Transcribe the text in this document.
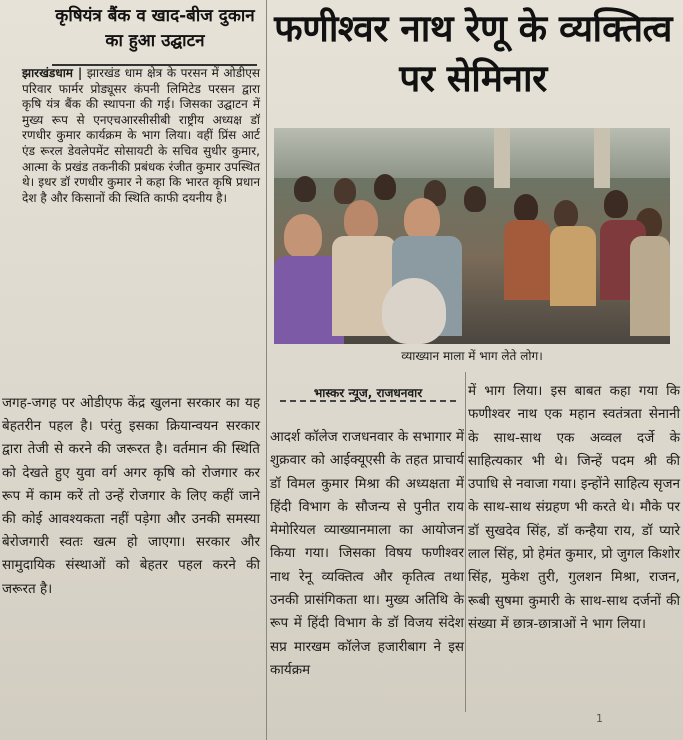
कृषियंत्र बैंक व खाद-बीज दुकान का हुआ उद्घाटन
झारखंडधाम | झारखंड धाम क्षेत्र के परसन में ओडीएस परिवार फार्मर प्रोड्यूसर कंपनी लिमिटेड परसन द्वारा कृषि यंत्र बैंक की स्थापना की गई। जिसका उद्घाटन में मुख्य रूप से एनएचआरसीसीबी राष्ट्रीय अध्यक्ष डॉ रणधीर कुमार कार्यक्रम के भाग लिया। वहीं प्रिंस आर्ट एंड रूरल डेवलेपमेंट सोसायटी के सचिव सुधीर कुमार, आत्मा के प्रखंड तकनीकी प्रबंधक रंजीत कुमार उपस्थित थे। इधर डॉ रणधीर कुमार ने कहा कि भारत कृषि प्रधान देश है और किसानों की स्थिति काफी दयनीय है।
जगह-जगह पर ओडीएफ केंद्र खुलना सरकार का यह बेहतरीन पहल है। परंतु इसका क्रियान्वयन सरकार द्वारा तेजी से करने की जरूरत है। वर्तमान की स्थिति को देखते हुए युवा वर्ग अगर कृषि को रोजगार कर रूप में काम करें तो उन्हें रोजगार के लिए कहीं जाने की कोई आवश्यकता नहीं पड़ेगा और उनकी समस्या बेरोजगारी स्वतः खत्म हो जाएगा। सरकार और सामुदायिक संस्थाओं को बेहतर पहल करने की जरूरत है।
फणीश्वर नाथ रेणू के व्यक्तित्व पर सेमिनार
व्याख्यान माला में भाग लेते लोग।
भास्कर न्यूज, राजधनवार
आदर्श कॉलेज राजधनवार के सभागार में शुक्रवार को आईक्यूएसी के तहत प्राचार्य डॉ विमल कुमार मिश्रा की अध्यक्षता में हिंदी विभाग के सौजन्य से पुनीत राय मेमोरियल व्याख्यानमाला का आयोजन किया गया। जिसका विषय फणीश्वर नाथ रेनू व्यक्तित्व और कृतित्व तथा उनकी प्रासंगिकता था। मुख्य अतिथि के रूप में हिंदी विभाग के डॉ विजय संदेश सप्र मारखम कॉलेज हजारीबाग ने इस कार्यक्रम
में भाग लिया। इस बाबत कहा गया कि फणीश्वर नाथ एक महान स्वतंत्रता सेनानी के साथ-साथ एक अव्वल दर्जे के साहित्यकार भी थे। जिन्हें पदम श्री की उपाधि से नवाजा गया। इन्होंने साहित्य सृजन के साथ-साथ संग्रहण भी करते थे। मौके पर डॉ सुखदेव सिंह, डॉ कन्हैया राय, डॉ प्यारे लाल सिंह, प्रो हेमंत कुमार, प्रो जुगल किशोर सिंह, मुकेश तुरी, गुलशन मिश्रा, राजन, रूबी सुषमा कुमारी के साथ-साथ दर्जनों की संख्या में छात्र-छात्राओं ने भाग लिया।
1
